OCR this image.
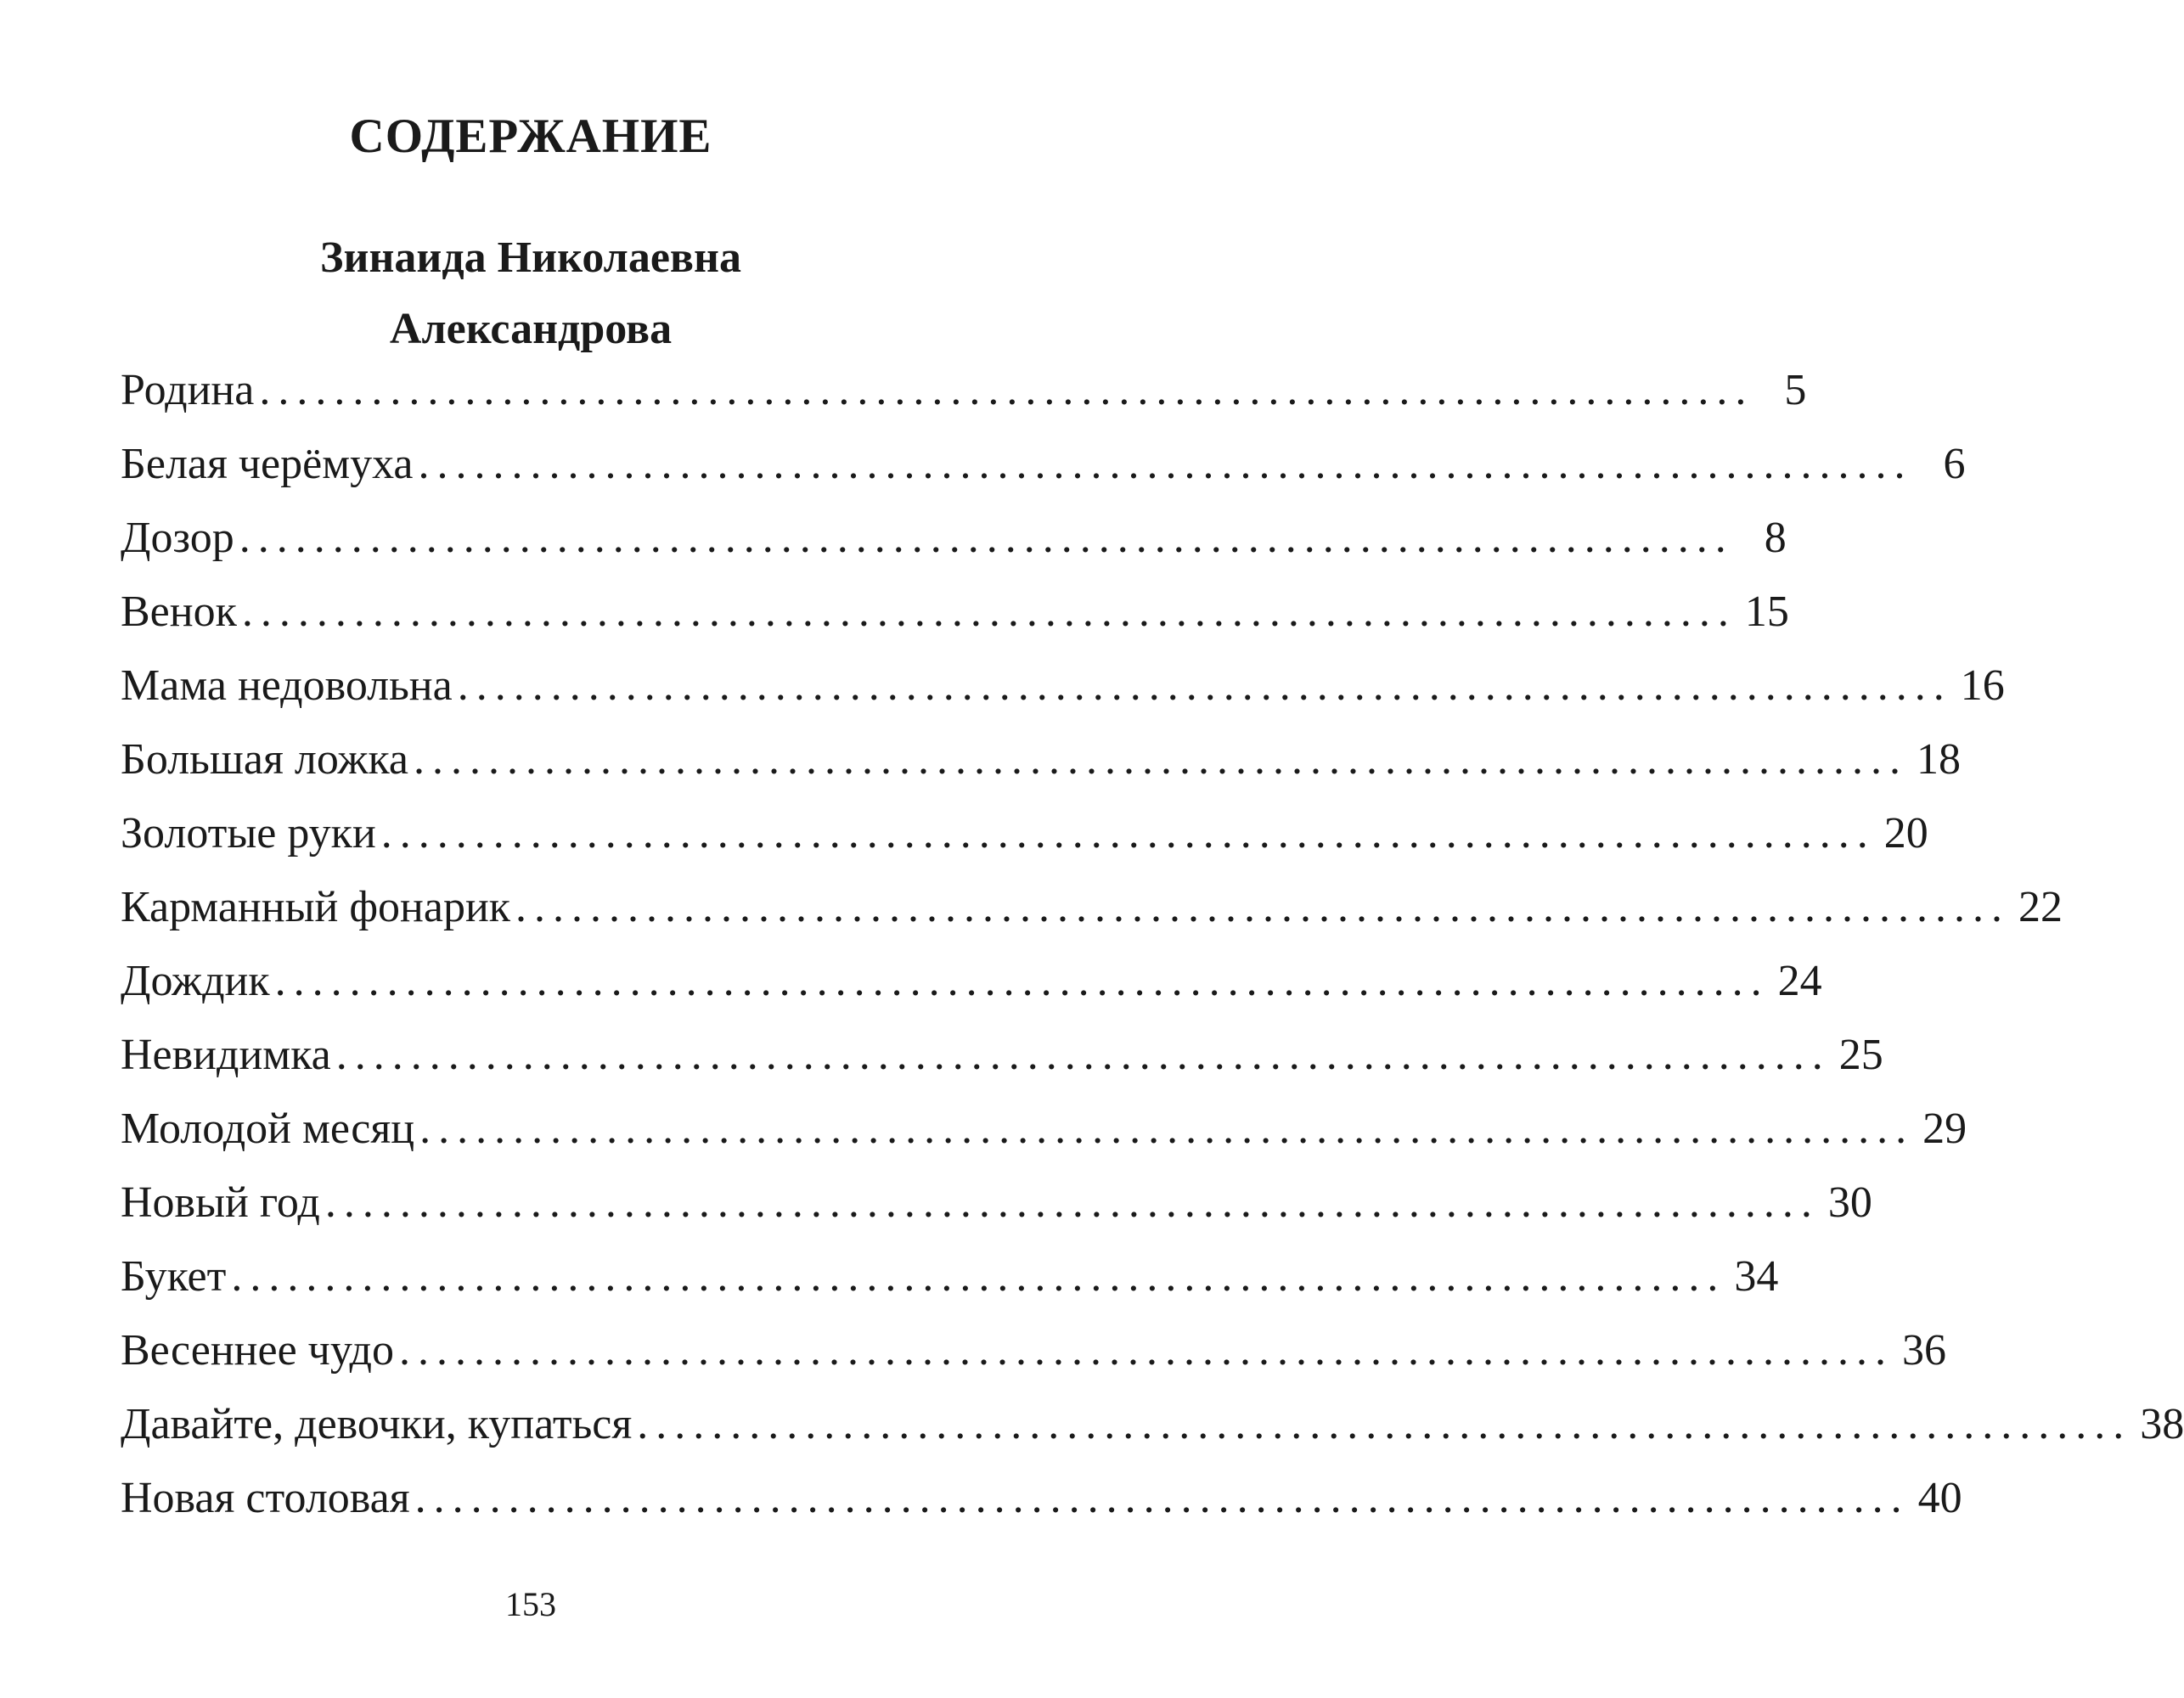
СОДЕРЖАНИЕ
Зинаида Николаевна
Александрова
Родина ................................................................................ 5
Белая черёмуха ................................................................................ 6
Дозор ................................................................................ 8
Венок ................................................................................ 15
Мама недовольна ................................................................................ 16
Большая ложка ................................................................................ 18
Золотые руки ................................................................................ 20
Карманный фонарик ................................................................................ 22
Дождик ................................................................................ 24
Невидимка ................................................................................ 25
Молодой месяц ................................................................................ 29
Новый год ................................................................................ 30
Букет ................................................................................ 34
Весеннее чудо ................................................................................ 36
Давайте, девочки, купаться ................................................................................ 38
Новая столовая ................................................................................ 40
153
